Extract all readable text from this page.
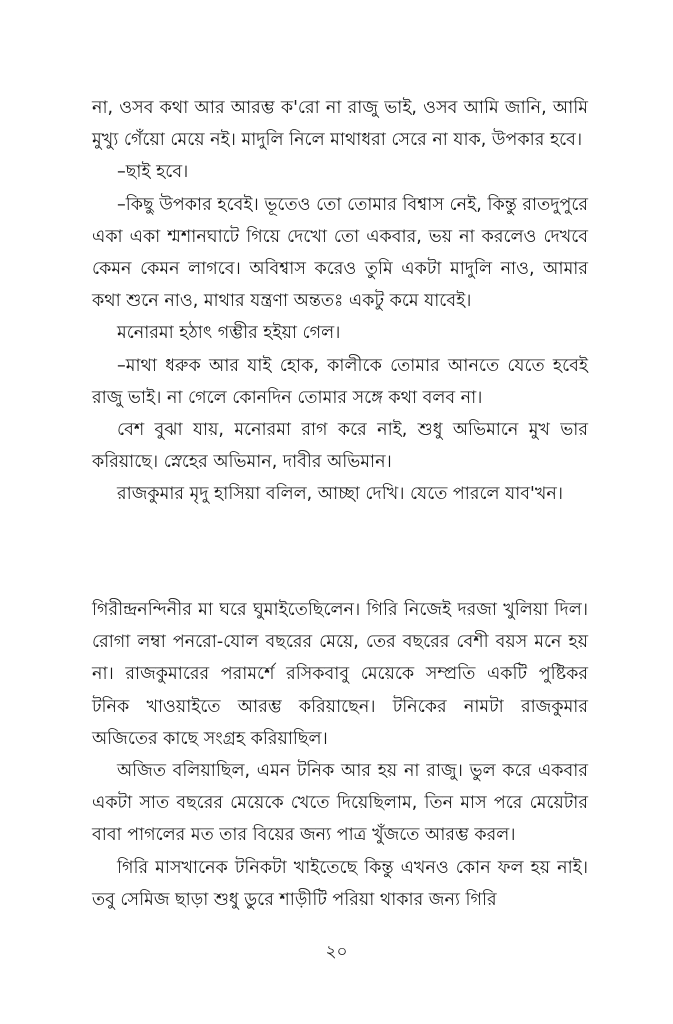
না, ওসব কথা আর আরম্ভ ক'রো না রাজু ভাই, ওসব আমি জানি, আমি মুখ্যু গেঁয়ো মেয়ে নই। মাদুলি নিলে মাথাধরা সেরে না যাক, উপকার হবে।

–ছাই হবে।

–কিছু উপকার হবেই। ভূতেও তো তোমার বিশ্বাস নেই, কিন্তু রাতদুপুরে একা একা শ্মশানঘাটে গিয়ে দেখো তো একবার, ভয় না করলেও দেখবে কেমন কেমন লাগবে। অবিশ্বাস করেও তুমি একটা মাদুলি নাও, আমার কথা শুনে নাও, মাথার যন্ত্রণা অন্ততঃ একটু কমে যাবেই।

মনোরমা হঠাৎ গম্ভীর হইয়া গেল।

–মাথা ধরুক আর যাই হোক, কালীকে তোমার আনতে যেতে হবেই রাজু ভাই। না গেলে কোনদিন তোমার সঙ্গে কথা বলব না।

বেশ বুঝা যায়, মনোরমা রাগ করে নাই, শুধু অভিমানে মুখ ভার করিয়াছে। স্নেহের অভিমান, দাবীর অভিমান।

রাজকুমার মৃদু হাসিয়া বলিল, আচ্ছা দেখি। যেতে পারলে যাব'খন।

গিরীন্দ্রনন্দিনীর মা ঘরে ঘুমাইতেছিলেন। গিরি নিজেই দরজা খুলিয়া দিল। রোগা লম্বা পনরো-যোল বছরের মেয়ে, তের বছরের বেশী বয়স মনে হয় না। রাজকুমারের পরামর্শে রসিকবাবু মেয়েকে সম্প্রতি একটি পুষ্টিকর টনিক খাওয়াইতে আরম্ভ করিয়াছেন। টনিকের নামটা রাজকুমার অজিতের কাছে সংগ্রহ করিয়াছিল।

অজিত বলিয়াছিল, এমন টনিক আর হয় না রাজু। ভুল করে একবার একটা সাত বছরের মেয়েকে খেতে দিয়েছিলাম, তিন মাস পরে মেয়েটার বাবা পাগলের মত তার বিয়ের জন্য পাত্র খুঁজতে আরম্ভ করল।

গিরি মাসখানেক টনিকটা খাইতেছে কিন্তু এখনও কোন ফল হয় নাই। তবু সেমিজ ছাড়া শুধু ডুরে শাড়ীটি পরিয়া থাকার জন্য গিরি

২০
